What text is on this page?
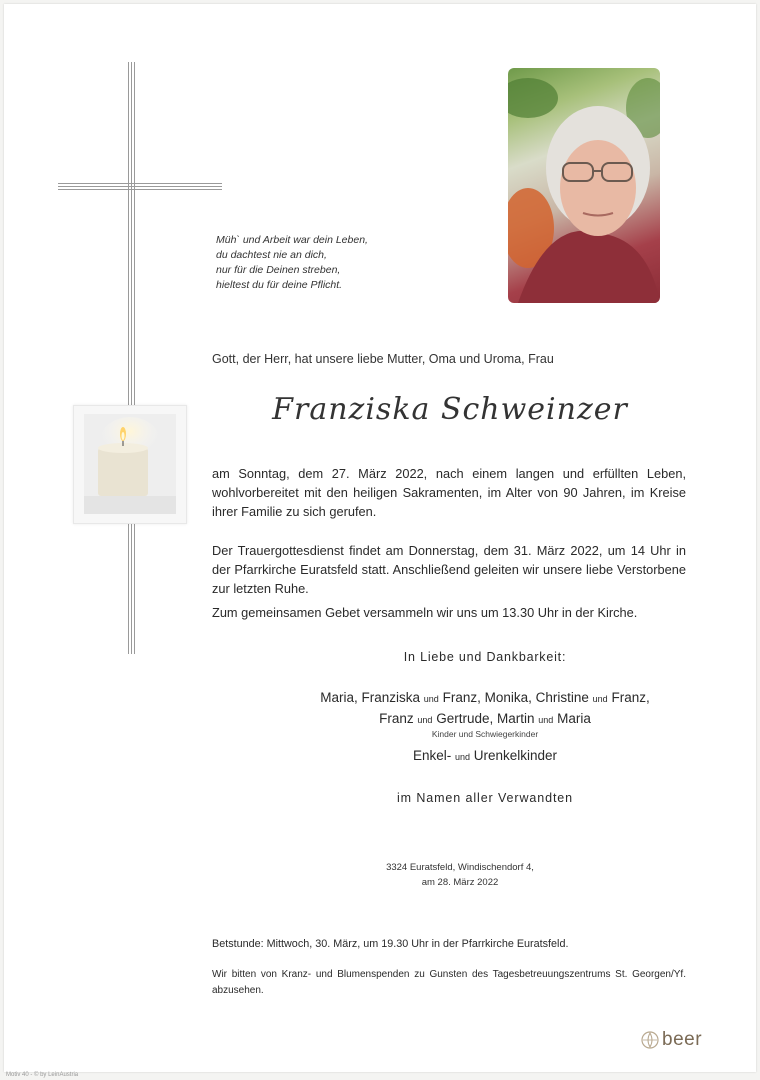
Müh` und Arbeit war dein Leben,
du dachtest nie an dich,
nur für die Deinen streben,
hieltest du für deine Pflicht.
Gott, der Herr, hat unsere liebe Mutter, Oma und Uroma, Frau
Franziska Schweinzer
am Sonntag, dem 27. März 2022, nach einem langen und erfüllten Leben, wohlvorbereitet mit den heiligen Sakramenten, im Alter von 90 Jahren, im Kreise ihrer Familie zu sich gerufen.
Der Trauergottesdienst findet am Donnerstag, dem 31. März 2022, um 14 Uhr in der Pfarrkirche Euratsfeld statt. Anschließend geleiten wir unsere liebe Verstorbene zur letzten Ruhe.
Zum gemeinsamen Gebet versammeln wir uns um 13.30 Uhr in der Kirche.
In Liebe und Dankbarkeit:
Maria, Franziska und Franz, Monika, Christine und Franz,
Franz und Gertrude, Martin und Maria
Kinder und Schwiegerkinder
Enkel- und Urenkelkinder
im Namen aller Verwandten
3324 Euratsfeld, Windischendorf 4,
am 28. März 2022
Betstunde: Mittwoch, 30. März, um 19.30 Uhr in der Pfarrkirche Euratsfeld.
Wir bitten von Kranz- und Blumenspenden zu Gunsten des Tagesbetreuungszentrums St. Georgen/Yf. abzusehen.
beer
Motiv 40 - © by LeinAustria
